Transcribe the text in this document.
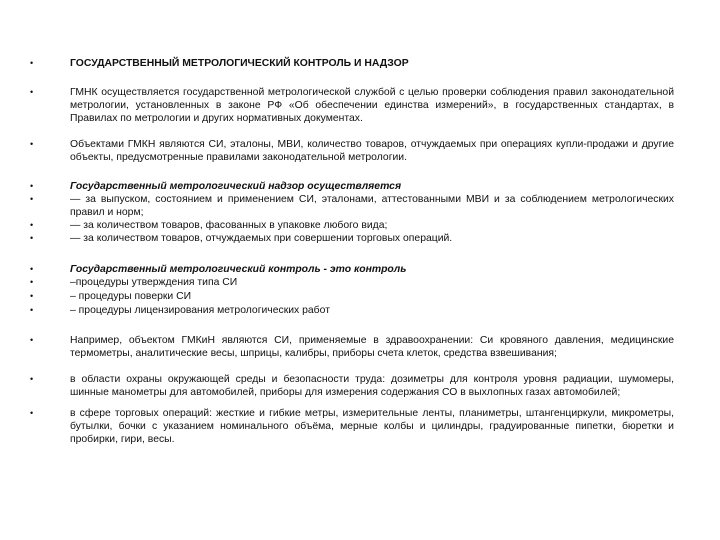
•	ГОСУДАРСТВЕННЫЙ МЕТРОЛОГИЧЕСКИЙ КОНТРОЛЬ И НАДЗОР
•	ГМНК осуществляется государственной метрологической службой с целью проверки соблюдения правил законодательной метрологии, установленных в законе РФ «Об обеспечении единства измерений», в государственных стандартах, в Правилах по метрологии и других нормативных документах.
•	Объектами ГМКН являются СИ, эталоны, МВИ, количество товаров, отчуждаемых при операциях купли-продажи и другие объекты, предусмотренные правилами законодательной метрологии.
•	Государственный метрологический надзор осуществляется
•	— за выпуском, состоянием и применением СИ, эталонами, аттестованными МВИ и за соблюдением метрологических правил и норм;
•	— за количеством товаров, фасованных в упаковке любого вида;
•	— за количеством товаров, отчуждаемых при совершении торговых операций.
•	Государственный метрологический контроль - это контроль
•	–процедуры утверждения типа СИ
•	– процедуры поверки СИ
•	– процедуры лицензирования метрологических работ
•	Например, объектом ГМКиН являются СИ, применяемые в здравоохранении: Си кровяного давления, медицинские термометры, аналитические весы, шприцы, калибры, приборы счета клеток, средства взвешивания;
•	в области охраны окружающей среды и безопасности труда: дозиметры для контроля уровня радиации, шумомеры, шинные манометры для автомобилей, приборы для измерения содержания СО в выхлопных газах автомобилей;
•	в сфере торговых операций: жесткие и гибкие метры, измерительные ленты, планиметры, штангенциркули, микрометры, бутылки, бочки с указанием номинального объёма, мерные колбы и цилиндры, градуированные пипетки, бюретки и пробирки, гири, весы.
